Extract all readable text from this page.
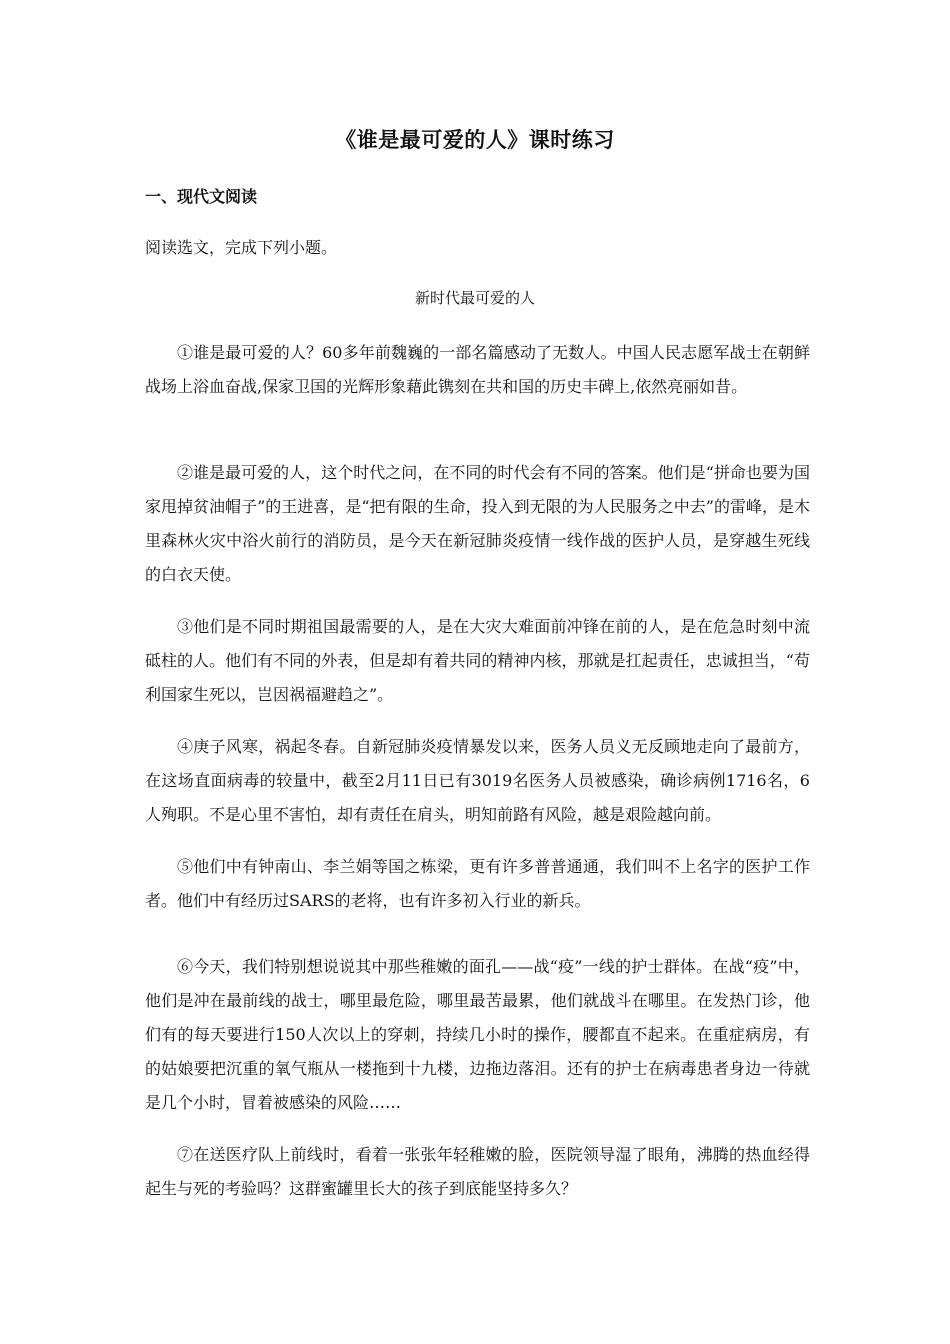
《谁是最可爱的人》课时练习
一、现代文阅读
阅读选文，完成下列小题。
新时代最可爱的人

①谁是最可爱的人？60多年前魏巍的一部名篇感动了无数人。中国人民志愿军战士在朝鲜战场上浴血奋战,保家卫国的光辉形象藉此镌刻在共和国的历史丰碑上,依然亮丽如昔。

②谁是最可爱的人，这个时代之问，在不同的时代会有不同的答案。他们是“拼命也要为国家甩掉贫油帽子”的王进喜，是“把有限的生命，投入到无限的为人民服务之中去”的雷峰，是木里森林火灾中浴火前行的消防员，是今天在新冠肺炎疫情一线作战的医护人员，是穿越生死线的白衣天使。

③他们是不同时期祖国最需要的人，是在大灾大难面前冲锋在前的人，是在危急时刻中流砥柱的人。他们有不同的外表，但是却有着共同的精神内核，那就是扛起责任，忠诚担当，“苟利国家生死以，岂因祸福避趋之”。

④庚子风寒，祸起冬春。自新冠肺炎疫情暴发以来，医务人员义无反顾地走向了最前方，在这场直面病毒的较量中，截至2月11日已有3019名医务人员被感染，确诊病例1716名，6人殉职。不是心里不害怕，却有责任在肩头，明知前路有风险，越是艰险越向前。

⑤他们中有钟南山、李兰娟等国之栋梁，更有许多普普通通，我们叫不上名字的医护工作者。他们中有经历过SARS的老将，也有许多初入行业的新兵。

⑥今天，我们特别想说说其中那些稚嫩的面孔——战“疫”一线的护士群体。在战“疫”中，他们是冲在最前线的战士，哪里最危险，哪里最苦最累，他们就战斗在哪里。在发热门诊，他们有的每天要进行150人次以上的穿刺，持续几小时的操作，腰都直不起来。在重症病房，有的姑娘要把沉重的氧气瓶从一楼拖到十九楼，边拖边落泪。还有的护士在病毒患者身边一待就是几个小时，冒着被感染的风险……

⑦在送医疗队上前线时，看着一张张年轻稚嫩的脸，医院领导湿了眼角，沸腾的热血经得起生与死的考验吗？这群蜜罐里长大的孩子到底能坚持多久？
